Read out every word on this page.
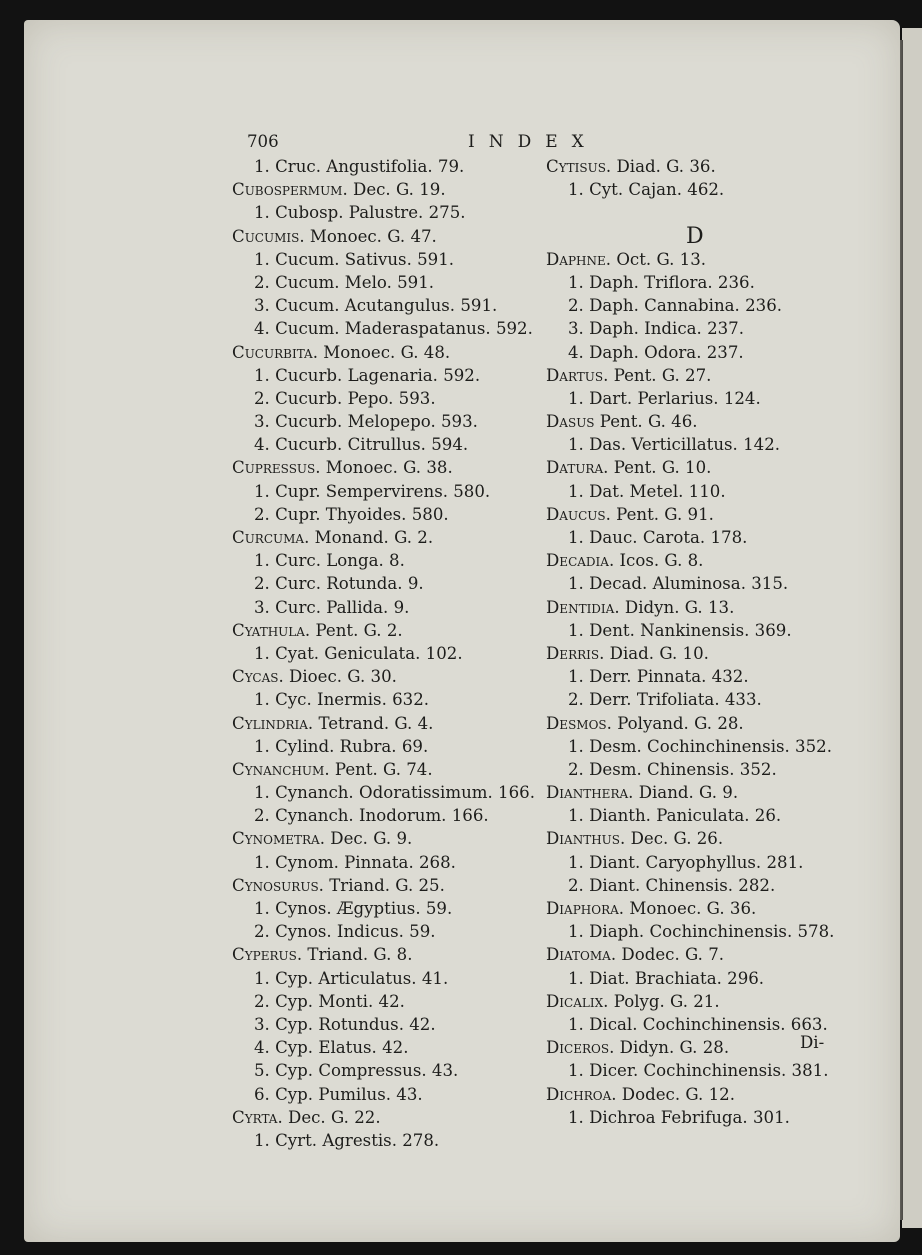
706	INDEX
1. Cruc. Angustifolia. 79.
Cubospermum. Dec. G. 19.
1. Cubosp. Palustre. 275.
Cucumis. Monoec. G. 47.
1. Cucum. Sativus. 591.
2. Cucum. Melo. 591.
3. Cucum. Acutangulus. 591.
4. Cucum. Maderaspatanus. 592.
Cucurbita. Monoec. G. 48.
1. Cucurb. Lagenaria. 592.
2. Cucurb. Pepo. 593.
3. Cucurb. Melopepo. 593.
4. Cucurb. Citrullus. 594.
Cupressus. Monoec. G. 38.
1. Cupr. Sempervirens. 580.
2. Cupr. Thyoides. 580.
Curcuma. Monand. G. 2.
1. Curc. Longa. 8.
2. Curc. Rotunda. 9.
3. Curc. Pallida. 9.
Cyathula. Pent. G. 2.
1. Cyat. Geniculata. 102.
Cycas. Dioec. G. 30.
1. Cyc. Inermis. 632.
Cylindria. Tetrand. G. 4.
1. Cylind. Rubra. 69.
Cynanchum. Pent. G. 74.
1. Cynanch. Odoratissimum. 166.
2. Cynanch. Inodorum. 166.
Cynometra. Dec. G. 9.
1. Cynom. Pinnata. 268.
Cynosurus. Triand. G. 25.
1. Cynos. Ægyptius. 59.
2. Cynos. Indicus. 59.
Cyperus. Triand. G. 8.
1. Cyp. Articulatus. 41.
2. Cyp. Monti. 42.
3. Cyp. Rotundus. 42.
4. Cyp. Elatus. 42.
5. Cyp. Compressus. 43.
6. Cyp. Pumilus. 43.
Cyrta. Dec. G. 22.
1. Cyrt. Agrestis. 278.
Cytisus. Diad. G. 36.
1. Cyt. Cajan. 462.
D
Daphne. Oct. G. 13.
1. Daph. Triflora. 236.
2. Daph. Cannabina. 236.
3. Daph. Indica. 237.
4. Daph. Odora. 237.
Dartus. Pent. G. 27.
1. Dart. Perlarius. 124.
Dasus Pent. G. 46.
1. Das. Verticillatus. 142.
Datura. Pent. G. 10.
1. Dat. Metel. 110.
Daucus. Pent. G. 91.
1. Dauc. Carota. 178.
Decadia. Icos. G. 8.
1. Decad. Aluminosa. 315.
Dentidia. Didyn. G. 13.
1. Dent. Nankinensis. 369.
Derris. Diad. G. 10.
1. Derr. Pinnata. 432.
2. Derr. Trifoliata. 433.
Desmos. Polyand. G. 28.
1. Desm. Cochinchinensis. 352.
2. Desm. Chinensis. 352.
Dianthera. Diand. G. 9.
1. Dianth. Paniculata. 26.
Dianthus. Dec. G. 26.
1. Diant. Caryophyllus. 281.
2. Diant. Chinensis. 282.
Diaphora. Monoec. G. 36.
1. Diaph. Cochinchinensis. 578.
Diatoma. Dodec. G. 7.
1. Diat. Brachiata. 296.
Dicalix. Polyg. G. 21.
1. Dical. Cochinchinensis. 663.
Diceros. Didyn. G. 28.
1. Dicer. Cochinchinensis. 381.
Dichroa. Dodec. G. 12.
1. Dichroa Febrifuga. 301.
Di-
